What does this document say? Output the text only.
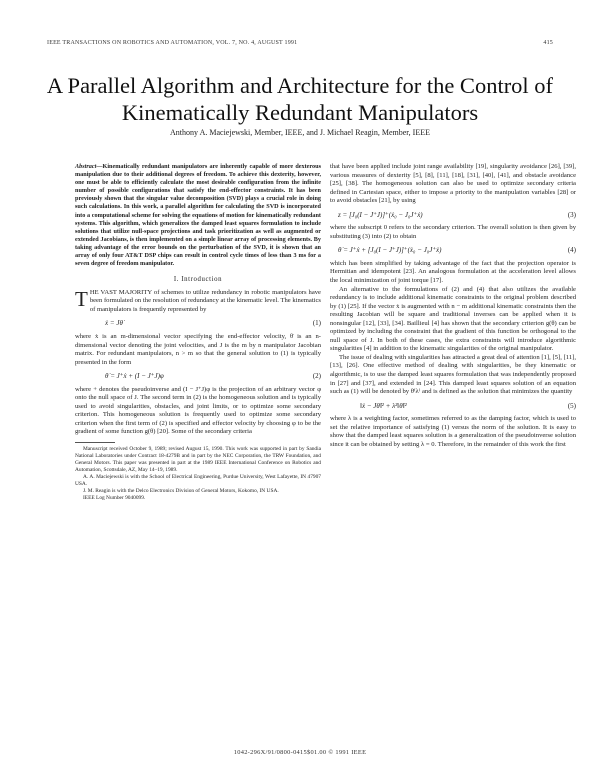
IEEE TRANSACTIONS ON ROBOTICS AND AUTOMATION, VOL. 7, NO. 4, AUGUST 1991	415
A Parallel Algorithm and Architecture for the Control of Kinematically Redundant Manipulators
Anthony A. Maciejewski, Member, IEEE, and J. Michael Reagin, Member, IEEE

Abstract—Kinematically redundant manipulators are inherently capable of more dexterous manipulation due to their additional degrees of freedom. To achieve this dexterity, however, one must be able to efficiently calculate the most desirable configuration from the infinite number of possible configurations that satisfy the end-effector constraints. It has been previously shown that the singular value decomposition (SVD) plays a crucial role in doing such calculations. In this work, a parallel algorithm for calculating the SVD is incorporated into a computational scheme for solving the equations of motion for kinematically redundant systems. This algorithm, which generalizes the damped least squares formulation to include solutions that utilize null-space projections and task prioritization as well as augmented or extended Jacobians, is then implemented on a simple linear array of processing elements. By taking advantage of the error bounds on the perturbation of the SVD, it is shown that an array of only four AT&T DSP chips can result in control cycle times of less than 3 ms for a seven degree of freedom manipulator.

I. Introduction

THE VAST MAJORITY of schemes to utilize redundancy in robotic manipulators have been formulated on the resolution of redundancy at the kinematic level. The kinematics of manipulators is frequently represented by

ẋ = Jθ̇	(1)

where ẋ is an m-dimensional vector specifying the end-effector velocity, θ̇ is an n-dimensional vector denoting the joint velocities, and J is the m by n manipulator Jacobian matrix. For redundant manipulators, n > m so that the general solution to (1) is typically presented in the form

θ̇ = J⁺ẋ + (I − J⁺J)φ	(2)

where + denotes the pseudoinverse and (I − J⁺J)φ is the projection of an arbitrary vector φ onto the null space of J. The second term in (2) is the homogeneous solution and is typically used to avoid singularities, obstacles, and joint limits, or to optimize some secondary criterion. This homogeneous solution is frequently used to optimize some secondary criterion when the first term of (2) is specified and effector velocity by choosing φ to be the gradient of some function g(θ) [20]. Some of the secondary criteria

Manuscript received October 9, 1989; revised August 15, 1990. This work was supported in part by Sandia National Laboratories under Contract 18-4279B and in part by the NEC Corporation, the TRW Foundation, and General Motors. This paper was presented in part at the 1989 IEEE International Conference on Robotics and Automation, Scottsdale, AZ, May 14–19, 1989.

A. A. Maciejewski is with the School of Electrical Engineering, Purdue University, West Lafayette, IN 47907 USA.

J. M. Reagin is with the Delco Electronics Division of General Motors, Kokomo, IN USA.

IEEE Log Number 9040099.

that have been applied include joint range availability [19], singularity avoidance [26], [39], various measures of dexterity [5], [8], [11], [18], [31], [40], [41], and obstacle avoidance [25], [38]. The homogeneous solution can also be used to optimize secondary criteria defined in Cartesian space, either to impose a priority to the manipulation variables [28] or to avoid obstacles [21], by using

z = [J₀(I − J⁺J)]⁺(ẋ₀ − J₀J⁺ẋ)	(3)

where the subscript 0 refers to the secondary criterion. The overall solution is then given by substituting (3) into (2) to obtain

θ̇ = J⁺ẋ + [J₀(I − J⁺J)]⁺(ẋ₀ − J₀J⁺ẋ)	(4)

which has been simplified by taking advantage of the fact that the projection operator is Hermitian and idempotent [23]. An analogous formulation at the acceleration level allows the local minimization of joint torque [17].

An alternative to the formulations of (2) and (4) that also utilizes the available redundancy is to include additional kinematic constraints to the original problem described by (1) [25]. If the vector ẋ is augmented with n − m additional kinematic constraints then the resulting Jacobian will be square and traditional inverses can be applied when it is nonsingular [12], [33], [34]. Baillieul [4] has shown that the secondary criterion g(θ) can be optimized by including the constraint that the gradient of this function be orthogonal to the null space of J. In both of these cases, the extra constraints will introduce algorithmic singularities [4] in addition to the kinematic singularities of the original manipulator.

The issue of dealing with singularities has attracted a great deal of attention [1], [5], [11], [13], [26]. One effective method of dealing with singularities, be they kinematic or algorithmic, is to use the damped least squares formulation that was independently proposed in [27] and [37], and extended in [24]. This damped least squares solution of an equation such as (1) will be denoted by θ̇⁽λ⁾ and is defined as the solution that minimizes the quantity

‖ẋ − Jθ̇‖² + λ²‖θ̇‖²	(5)

where λ is a weighting factor, sometimes referred to as the damping factor, which is used to set the relative importance of satisfying (1) versus the norm of the solution. It is easy to show that the damped least squares solution is a generalization of the pseudoinverse solution since it can be obtained by setting λ = 0. Therefore, in the remainder of this work the first

1042-296X/91/0800-0415$01.00 © 1991 IEEE
